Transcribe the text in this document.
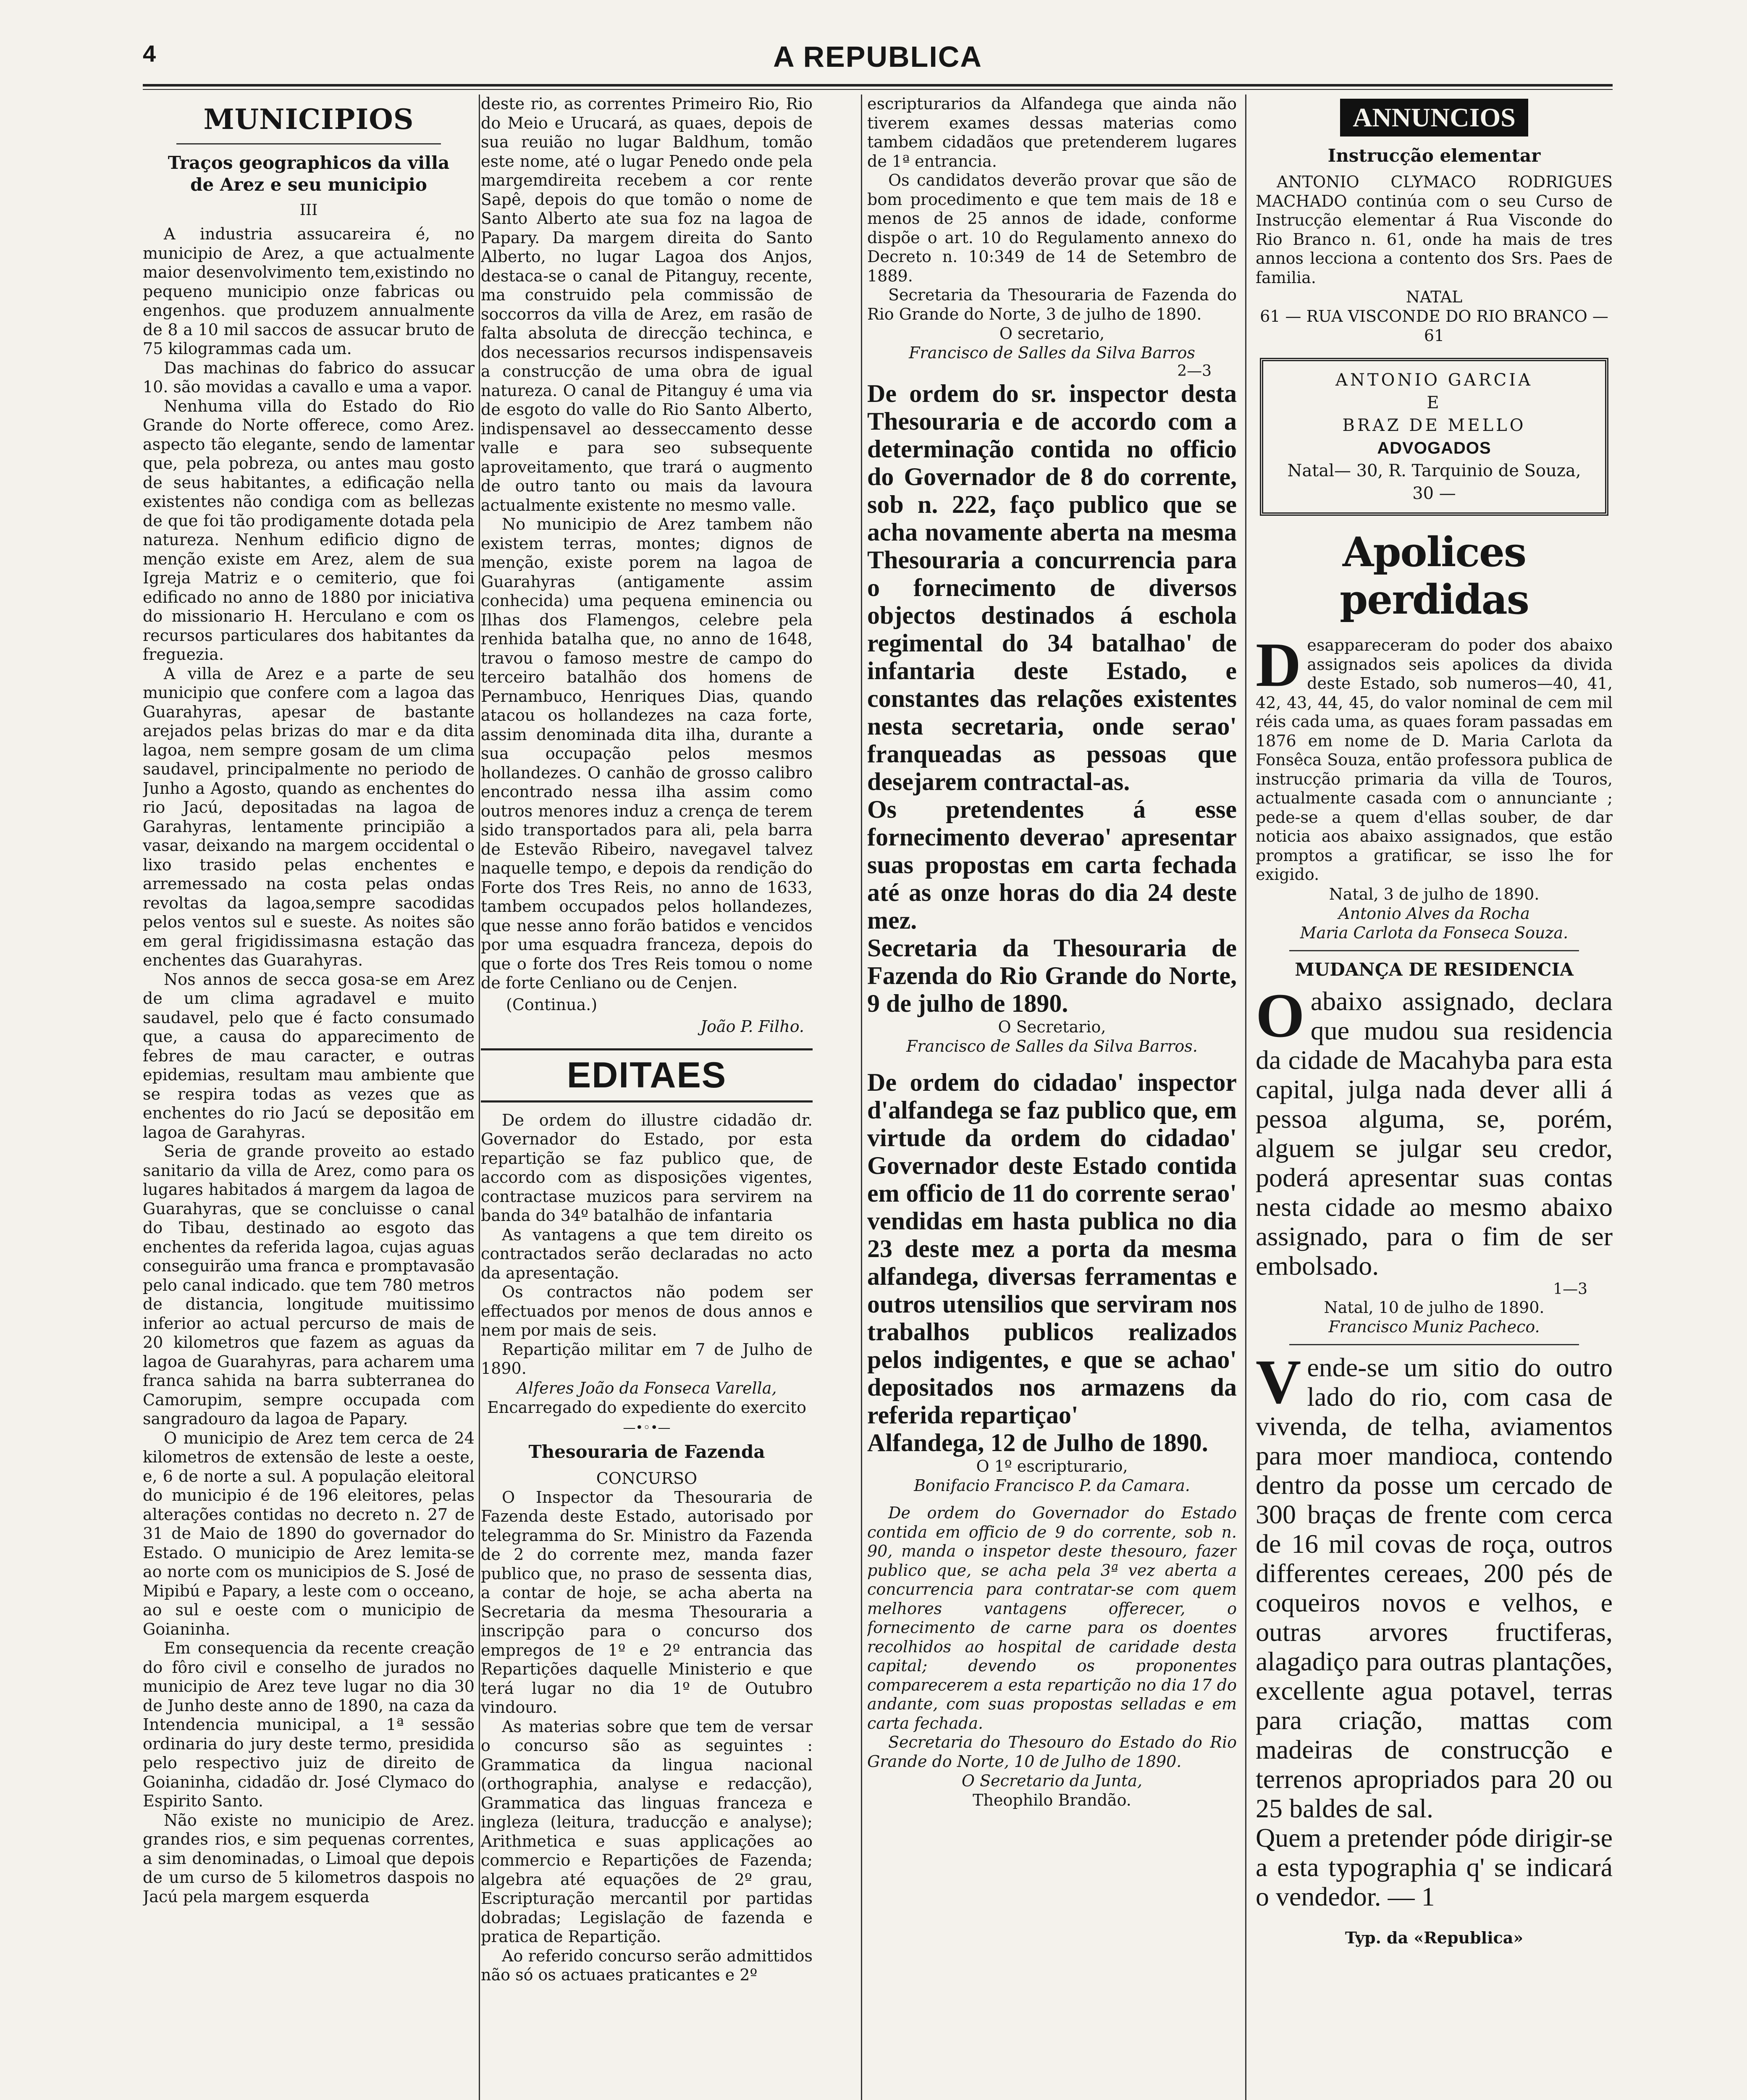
4	A REPUBLICA
MUNICIPIOS
Traços geographicos da villa
de Arez e seu municipio
III

A industria assucareira é, no municipio de Arez, a que actualmente maior desenvolvimento tem,existindo no pequeno municipio onze fabricas ou engenhos. que produzem annualmente de 8 a 10 mil saccos de assucar bruto de 75 kilogrammas cada um.

Das machinas do fabrico do assucar 10. são movidas a cavallo e uma a vapor.

Nenhuma villa do Estado do Rio Grande do Norte offerece, como Arez. aspecto tão elegante, sendo de lamentar que, pela pobreza, ou antes mau gosto de seus habitantes, a edificação nella existentes não condiga com as bellezas de que foi tão prodigamente dotada pela natureza. Nenhum edificio digno de menção existe em Arez, alem de sua Igreja Matriz e o cemiterio, que foi edificado no anno de 1880 por iniciativa do missionario H. Herculano e com os recursos particulares dos habitantes da freguezia.

A villa de Arez e a parte de seu municipio que confere com a lagoa das Guarahyras, apesar de bastante arejados pelas brizas do mar e da dita lagoa, nem sempre gosam de um clima saudavel, principalmente no periodo de Junho a Agosto, quando as enchentes do rio Jacú, depositadas na lagoa de Garahyras, lentamente principião a vasar, deixando na margem occidental o lixo trasido pelas enchentes e arremessado na costa pelas ondas revoltas da lagoa,sempre sacodidas pelos ventos sul e sueste. As noites são em geral frigidissimasna estação das enchentes das Guarahyras.

Nos annos de secca gosa-se em Arez de um clima agradavel e muito saudavel, pelo que é facto consumado que, a causa do apparecimento de febres de mau caracter, e outras epidemias, resultam mau ambiente que se respira todas as vezes que as enchentes do rio Jacú se depositão em lagoa de Garahyras.

Seria de grande proveito ao estado sanitario da villa de Arez, como para os lugares habitados á margem da lagoa de Guarahyras, que se concluisse o canal do Tibau, destinado ao esgoto das enchentes da referida lagoa, cujas aguas conseguirão uma franca e promptavasão pelo canal indicado. que tem 780 metros de distancia, longitude muitissimo inferior ao actual percurso de mais de 20 kilometros que fazem as aguas da lagoa de Guarahyras, para acharem uma franca sahida na barra subterranea do Camorupim, sempre occupada com sangradouro da lagoa de Papary.

O municipio de Arez tem cerca de 24 kilometros de extensão de leste a oeste, e, 6 de norte a sul. A população eleitoral do municipio é de 196 eleitores, pelas alterações contidas no decreto n. 27 de 31 de Maio de 1890 do governador do Estado. O municipio de Arez lemita-se ao norte com os municipios de S. José de Mipibú e Papary, a leste com o occeano, ao sul e oeste com o municipio de Goianinha.

Em consequencia da recente creação do fôro civil e conselho de jurados no municipio de Arez teve lugar no dia 30 de Junho deste anno de 1890, na caza da Intendencia municipal, a 1ª sessão ordinaria do jury deste termo, presidida pelo respectivo juiz de direito de Goianinha, cidadão dr. José Clymaco do Espirito Santo.

Não existe no municipio de Arez. grandes rios, e sim pequenas correntes, a sim denominadas, o Limoal que depois de um curso de 5 kilometros daspois no Jacú pela margem esquerda

deste rio, as correntes Primeiro Rio, Rio do Meio e Urucará, as quaes, depois de sua reuião no lugar Baldhum, tomão este nome, até o lugar Penedo onde pela margemdireita recebem a cor rente Sapê, depois do que tomão o nome de Santo Alberto ate sua foz na lagoa de Papary. Da margem direita do Santo Alberto, no lugar Lagoa dos Anjos, destaca-se o canal de Pitanguy, recente, ma construido pela commissão de soccorros da villa de Arez, em rasão de falta absoluta de direcção techinca, e dos necessarios recursos indispensaveis a construcção de uma obra de igual natureza. O canal de Pitanguy é uma via de esgoto do valle do Rio Santo Alberto, indispensavel ao desseccamento desse valle e para seo subsequente aproveitamento, que trará o augmento de outro tanto ou mais da lavoura actualmente existente no mesmo valle.

No municipio de Arez tambem não existem terras, montes; dignos de menção, existe porem na lagoa de Guarahyras (antigamente assim conhecida) uma pequena eminencia ou Ilhas dos Flamengos, celebre pela renhida batalha que, no anno de 1648, travou o famoso mestre de campo do terceiro batalhão dos homens de Pernambuco, Henriques Dias, quando atacou os hollandezes na caza forte, assim denominada dita ilha, durante a sua occupação pelos mesmos hollandezes. O canhão de grosso calibro encontrado nessa ilha assim como outros menores induz a crença de terem sido transportados para ali, pela barra de Estevão Ribeiro, navegavel talvez naquelle tempo, e depois da rendição do Forte dos Tres Reis, no anno de 1633, tambem occupados pelos hollandezes, que nesse anno forão batidos e vencidos por uma esquadra franceza, depois do que o forte dos Tres Reis tomou o nome de forte Cenliano ou de Cenjen.

(Continua.)
João P. Filho.
EDITAES

De ordem do illustre cidadão dr. Governador do Estado, por esta repartição se faz publico que, de accordo com as disposições vigentes, contractase muzicos para servirem na banda do 34º batalhão de infantaria

As vantagens a que tem direito os contractados serão declaradas no acto da apresentação.

Os contractos não podem ser effectuados por menos de dous annos e nem por mais de seis.

Repartição militar em 7 de Julho de 1890.

Alferes João da Fonseca Varella,
Encarregado do expediente do exercito
—•◦•—
Thesouraria de Fazenda
CONCURSO

O Inspector da Thesouraria de Fazenda deste Estado, autorisado por telegramma do Sr. Ministro da Fazenda de 2 do corrente mez, manda fazer publico que, no praso de sessenta dias, a contar de hoje, se acha aberta na Secretaria da mesma Thesouraria a inscripção para o concurso dos empregos de 1º e 2º entrancia das Repartições daquelle Ministerio e que terá lugar no dia 1º de Outubro vindouro.

As materias sobre que tem de versar o concurso são as seguintes : Grammatica da lingua nacional (orthographia, analyse e redacção), Grammatica das linguas franceza e ingleza (leitura, traducção e analyse); Arithmetica e suas applicações ao commercio e Repartições de Fazenda; algebra até equações de 2º grau, Escripturação mercantil por partidas dobradas; Legislação de fazenda e pratica de Repartição.

Ao referido concurso serão admittidos não só os actuaes praticantes e 2º

escripturarios da Alfandega que ainda não tiverem exames dessas materias como tambem cidadãos que pretenderem lugares de 1ª entrancia.

Os candidatos deverão provar que são de bom procedimento e que tem mais de 18 e menos de 25 annos de idade, conforme dispõe o art. 10 do Regulamento annexo do Decreto n. 10:349 de 14 de Setembro de 1889.

Secretaria da Thesouraria de Fazenda do Rio Grande do Norte, 3 de julho de 1890.

O secretario,
Francisco de Salles da Silva Barros
2—3
De ordem do sr. inspector desta Thesouraria e de accordo com a determinação contida no officio do Governador de 8 do corrente, sob n. 222, faço publico que se acha novamente aberta na mesma Thesouraria a concurrencia para o fornecimento de diversos objectos destinados á eschola regimental do 34 batalhao' de infantaria deste Estado, e constantes das relações existentes nesta secretaria, onde serao' franqueadas as pessoas que desejarem contractal-as.
Os pretendentes á esse fornecimento deverao' apresentar suas propostas em carta fechada até as onze horas do dia 24 deste mez.
Secretaria da Thesouraria de Fazenda do Rio Grande do Norte, 9 de julho de 1890.
O Secretario,
Francisco de Salles da Silva Barros.
De ordem do cidadao' inspector d'alfandega se faz publico que, em virtude da ordem do cidadao' Governador deste Estado contida em officio de 11 do corrente serao' vendidas em hasta publica no dia 23 deste mez a porta da mesma alfandega, diversas ferramentas e outros utensilios que serviram nos trabalhos publicos realizados pelos indigentes, e que se achao' depositados nos armazens da referida repartiçao'
Alfandega, 12 de Julho de 1890.
O 1º escripturario,
Bonifacio Francisco P. da Camara.

De ordem do Governador do Estado contida em officio de 9 do corrente, sob n. 90, manda o inspetor deste thesouro, fazer publico que, se acha pela 3ª vez aberta a concurrencia para contratar-se com quem melhores vantagens offerecer, o fornecimento de carne para os doentes recolhidos ao hospital de caridade desta capital; devendo os proponentes comparecerem a esta repartição no dia 17 do andante, com suas propostas selladas e em carta fechada.

Secretaria do Thesouro do Estado do Rio Grande do Norte, 10 de Julho de 1890.

O Secretario da Junta,
Theophilo Brandão.
ANNUNCIOS
Instrucção elementar

ANTONIO CLYMACO RODRIGUES MACHADO continúa com o seu Curso de Instrucção elementar á Rua Visconde do Rio Branco n. 61, onde ha mais de tres annos lecciona a contento dos Srs. Paes de familia.

NATAL
61 — RUA VISCONDE DO RIO BRANCO — 61
ANTONIO GARCIA
E
BRAZ DE MELLO
ADVOGADOS
Natal— 30, R. Tarquinio de Souza, 30 —
Apolices perdidas

Desappareceram do poder dos abaixo assignados seis apolices da divida deste Estado, sob numeros—40, 41, 42, 43, 44, 45, do valor nominal de cem mil réis cada uma, as quaes foram passadas em 1876 em nome de D. Maria Carlota da Fonsêca Souza, então professora publica de instrucção primaria da villa de Touros, actualmente casada com o annunciante ; pede-se a quem d'ellas souber, de dar noticia aos abaixo assignados, que estão promptos a gratificar, se isso lhe for exigido.

Natal, 3 de julho de 1890.
Antonio Alves da Rocha
Maria Carlota da Fonseca Souza.
MUDANÇA DE RESIDENCIA
Oabaixo assignado, declara que mudou sua residencia da cidade de Macahyba para esta capital, julga nada dever alli á pessoa alguma, se, porém, alguem se julgar seu credor, poderá apresentar suas contas nesta cidade ao mesmo abaixo assignado, para o fim de ser embolsado.
1—3
Natal, 10 de julho de 1890.
Francisco Muniz Pacheco.
Vende-se um sitio do outro lado do rio, com casa de vivenda, de telha, aviamentos para moer mandioca, contendo dentro da posse um cercado de 300 braças de frente com cerca de 16 mil covas de roça, outros differentes cereaes, 200 pés de coqueiros novos e velhos, e outras arvores fructiferas, alagadiço para outras plantações, excellente agua potavel, terras para criação, mattas com madeiras de construcção e terrenos apropriados para 20 ou 25 baldes de sal.
Quem a pretender póde dirigir-se a esta typographia q' se indicará o vendedor. — 1
Typ. da «Republica»
